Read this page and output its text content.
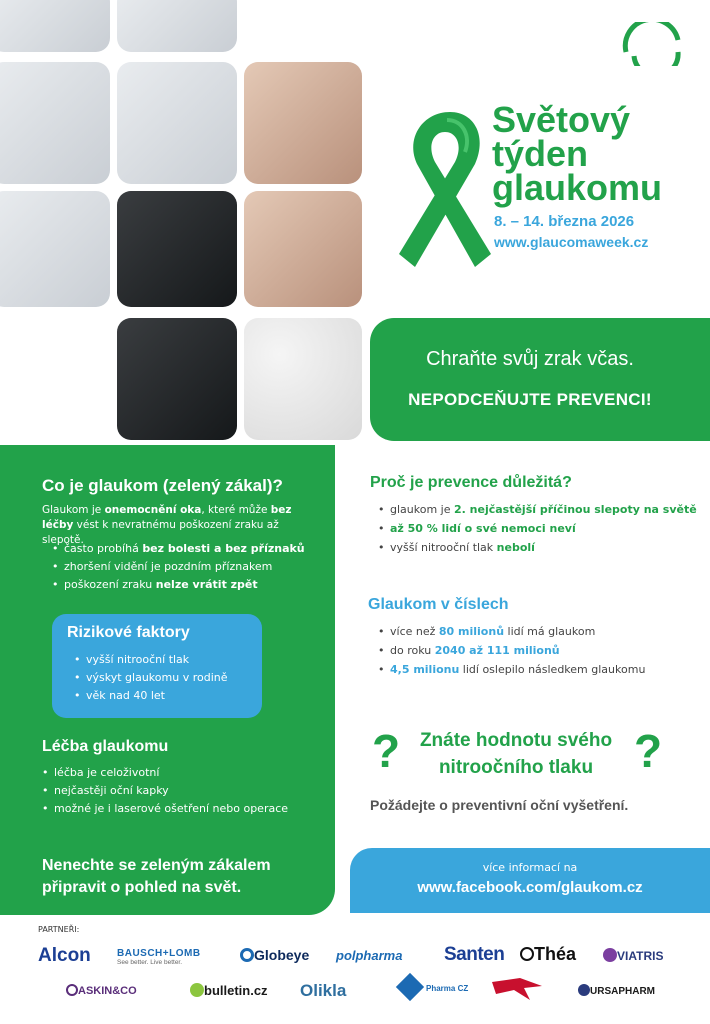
Světový
týden
glaukomu
8. – 14. března 2026
www.glaucomaweek.cz
Chraňte svůj zrak včas.
NEPODCEŇUJTE PREVENCI!
Co je glaukom (zelený zákal)?
Glaukom je onemocnění oka, které může bez léčby vést k nevratnému poškození zraku až slepotě.
• často probíhá bez bolesti a bez příznaků
• zhoršení vidění je pozdním příznakem
• poškození zraku nelze vrátit zpět
Rizikové faktory
• vyšší nitrooční tlak
• výskyt glaukomu v rodině
• věk nad 40 let
Léčba glaukomu
• léčba je celoživotní
• nejčastěji oční kapky
• možné je i laserové ošetření nebo operace
Nenechte se zeleným zákalem
připravit o pohled na svět.
Proč je prevence důležitá?
• glaukom je 2. nejčastější příčinou slepoty na světě
• až 50 % lidí o své nemoci neví
• vyšší nitrooční tlak nebolí
Glaukom v číslech
• více než 80 milionů lidí má glaukom
• do roku 2040 až 111 milionů
• 4,5 milionu lidí oslepilo následkem glaukomu
?	?
Znáte hodnotu svého
nitroočního tlaku
Požádejte o preventivní oční vyšetření.
více informací na
www.facebook.com/glaukom.cz
PARTNEŘI:
Alcon	BAUSCH+LOMB
See better. Live better.	Globeye polpharma Santen	Théa	VIATRIS
ASKIN&CO	bulletin.cz Olikla	Pharma CZ	URSAPHARM
